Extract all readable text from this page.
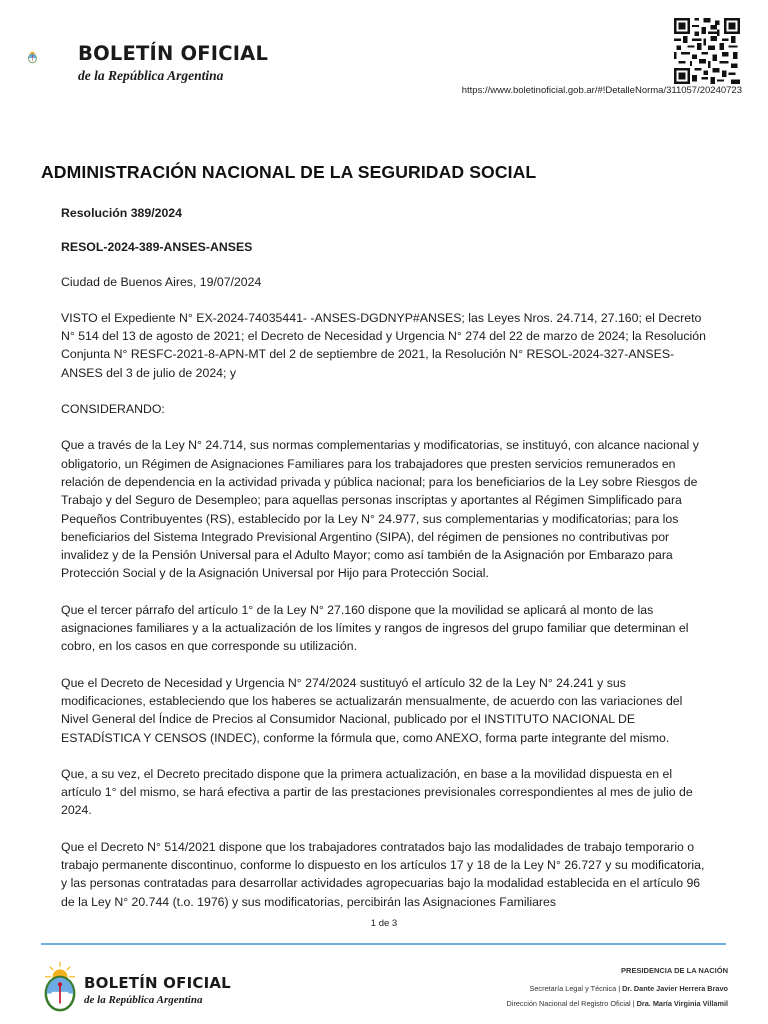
BOLETÍN OFICIAL
de la República Argentina
https://www.boletinoficial.gob.ar/#!DetalleNorma/311057/20240723
ADMINISTRACIÓN NACIONAL DE LA SEGURIDAD SOCIAL

Resolución 389/2024

RESOL-2024-389-ANSES-ANSES

Ciudad de Buenos Aires, 19/07/2024

VISTO el Expediente N° EX-2024-74035441- -ANSES-DGDNYP#ANSES; las Leyes Nros. 24.714, 27.160; el Decreto N° 514 del 13 de agosto de 2021; el Decreto de Necesidad y Urgencia N° 274 del 22 de marzo de 2024; la Resolución Conjunta N° RESFC-2021-8-APN-MT del 2 de septiembre de 2021, la Resolución N° RESOL-2024-327-ANSES-ANSES del 3 de julio de 2024; y

CONSIDERANDO:

Que a través de la Ley N° 24.714, sus normas complementarias y modificatorias, se instituyó, con alcance nacional y obligatorio, un Régimen de Asignaciones Familiares para los trabajadores que presten servicios remunerados en relación de dependencia en la actividad privada y pública nacional; para los beneficiarios de la Ley sobre Riesgos de Trabajo y del Seguro de Desempleo; para aquellas personas inscriptas y aportantes al Régimen Simplificado para Pequeños Contribuyentes (RS), establecido por la Ley N° 24.977, sus complementarias y modificatorias; para los beneficiarios del Sistema Integrado Previsional Argentino (SIPA), del régimen de pensiones no contributivas por invalidez y de la Pensión Universal para el Adulto Mayor; como así también de la Asignación por Embarazo para Protección Social y de la Asignación Universal por Hijo para Protección Social.

Que el tercer párrafo del artículo 1° de la Ley N° 27.160 dispone que la movilidad se aplicará al monto de las asignaciones familiares y a la actualización de los límites y rangos de ingresos del grupo familiar que determinan el cobro, en los casos en que corresponde su utilización.

Que el Decreto de Necesidad y Urgencia N° 274/2024 sustituyó el artículo 32 de la Ley N° 24.241 y sus modificaciones, estableciendo que los haberes se actualizarán mensualmente, de acuerdo con las variaciones del Nivel General del Índice de Precios al Consumidor Nacional, publicado por el INSTITUTO NACIONAL DE ESTADÍSTICA Y CENSOS (INDEC), conforme la fórmula que, como ANEXO, forma parte integrante del mismo.

Que, a su vez, el Decreto precitado dispone que la primera actualización, en base a la movilidad dispuesta en el artículo 1° del mismo, se hará efectiva a partir de las prestaciones previsionales correspondientes al mes de julio de 2024.

Que el Decreto N° 514/2021 dispone que los trabajadores contratados bajo las modalidades de trabajo temporario o trabajo permanente discontinuo, conforme lo dispuesto en los artículos 17 y 18 de la Ley N° 26.727 y su modificatoria, y las personas contratadas para desarrollar actividades agropecuarias bajo la modalidad establecida en el artículo 96 de la Ley N° 20.744 (t.o. 1976) y sus modificatorias, percibirán las Asignaciones Familiares

1 de 3
BOLETÍN OFICIAL
de la República Argentina
PRESIDENCIA DE LA NACIÓN
Secretaría Legal y Técnica | Dr. Dante Javier Herrera Bravo
Dirección Nacional del Registro Oficial | Dra. María Virginia Villamil
